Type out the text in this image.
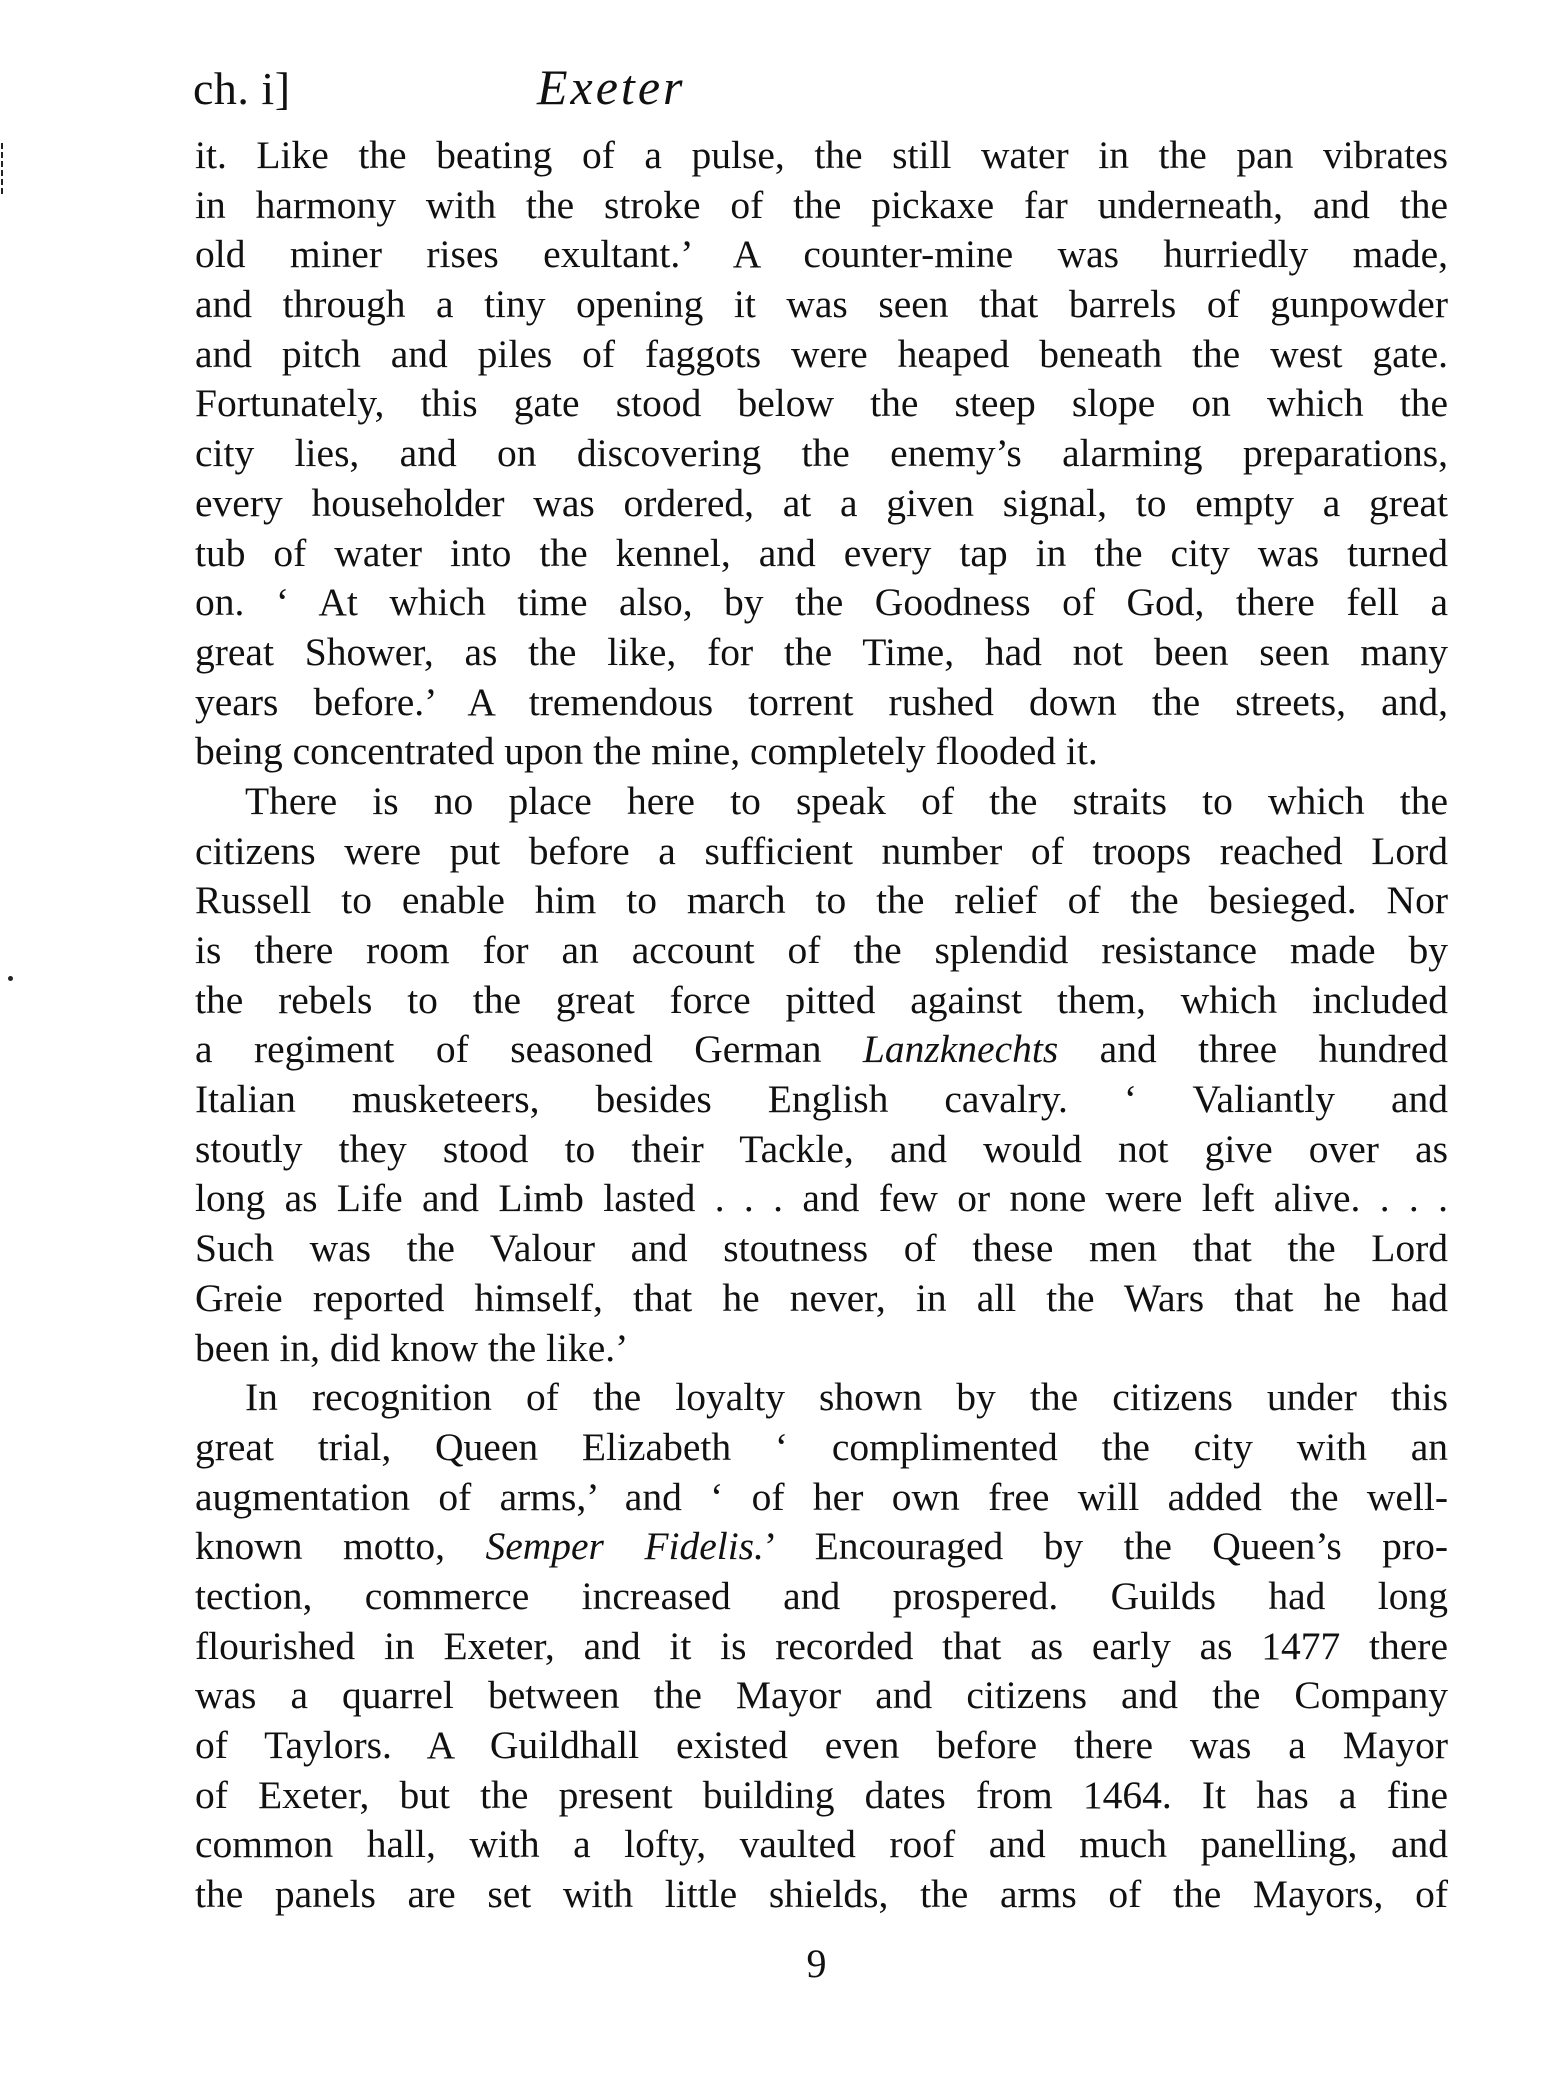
ch. i]	Exeter
it. Like the beating of a pulse, the still water in the pan vibrates
in harmony with the stroke of the pickaxe far underneath, and the
old miner rises exultant.’ A counter-mine was hurriedly made,
and through a tiny opening it was seen that barrels of gunpowder
and pitch and piles of faggots were heaped beneath the west gate.
Fortunately, this gate stood below the steep slope on which the
city lies, and on discovering the enemy’s alarming preparations,
every householder was ordered, at a given signal, to empty a great
tub of water into the kennel, and every tap in the city was turned
on. ‘ At which time also, by the Goodness of God, there fell a
great Shower, as the like, for the Time, had not been seen many
years before.’ A tremendous torrent rushed down the streets, and,
being concentrated upon the mine, completely flooded it.
There is no place here to speak of the straits to which the
citizens were put before a sufficient number of troops reached Lord
Russell to enable him to march to the relief of the besieged. Nor
is there room for an account of the splendid resistance made by
the rebels to the great force pitted against them, which included
a regiment of seasoned German Lanzknechts and three hundred
Italian musketeers, besides English cavalry. ‘ Valiantly and
stoutly they stood to their Tackle, and would not give over as
long as Life and Limb lasted . . . and few or none were left alive. . . .
Such was the Valour and stoutness of these men that the Lord
Greie reported himself, that he never, in all the Wars that he had
been in, did know the like.’
In recognition of the loyalty shown by the citizens under this
great trial, Queen Elizabeth ‘ complimented the city with an
augmentation of arms,’ and ‘ of her own free will added the well-
known motto, Semper Fidelis.’ Encouraged by the Queen’s pro-
tection, commerce increased and prospered. Guilds had long
flourished in Exeter, and it is recorded that as early as 1477 there
was a quarrel between the Mayor and citizens and the Company
of Taylors. A Guildhall existed even before there was a Mayor
of Exeter, but the present building dates from 1464. It has a fine
common hall, with a lofty, vaulted roof and much panelling, and
the panels are set with little shields, the arms of the Mayors, of
9
